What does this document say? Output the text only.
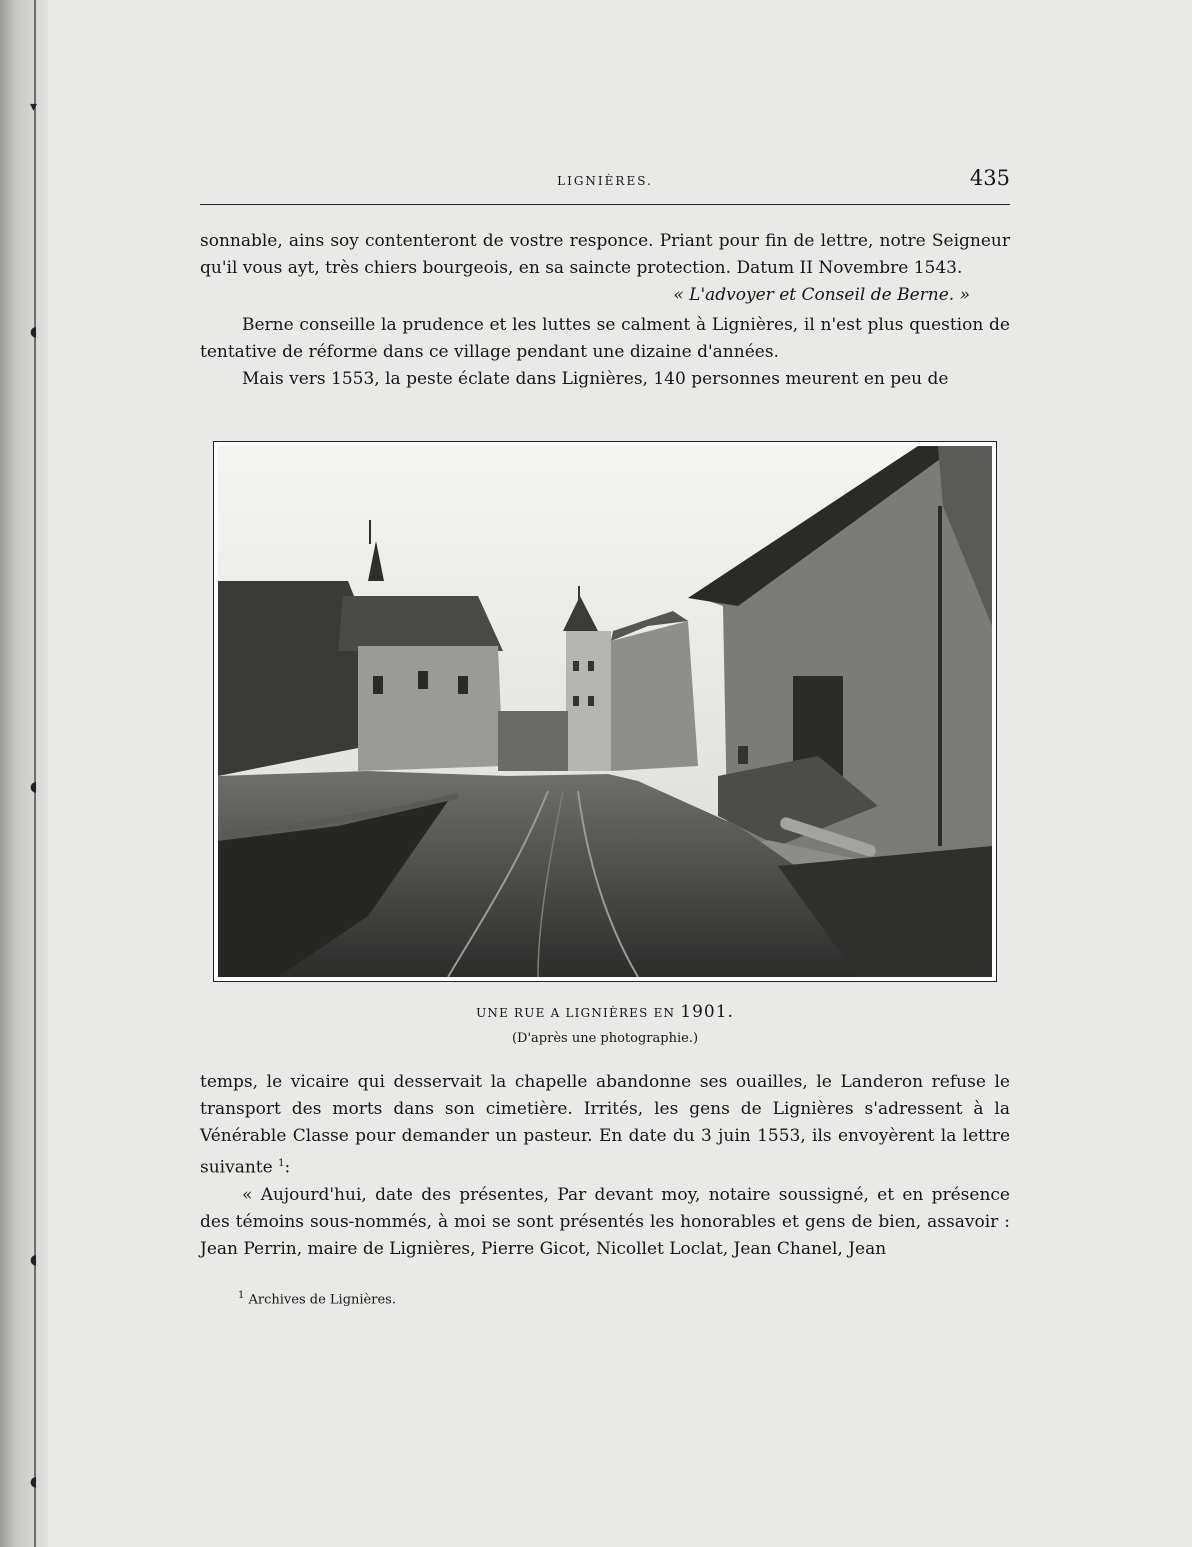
▾
◖
◖
◖
◖
LIGNIÈRES.	435

sonnable, ains soy contenteront de vostre responce. Priant pour fin de lettre, notre Seigneur qu'il vous ayt, très chiers bourgeois, en sa saincte protection. Datum II Novembre 1543.

« L'advoyer et Conseil de Berne. »

Berne conseille la prudence et les luttes se calment à Lignières, il n'est plus question de tentative de réforme dans ce village pendant une dizaine d'années.

Mais vers 1553, la peste éclate dans Lignières, 140 personnes meurent en peu de

UNE RUE A LIGNIÈRES EN 1901.
(D'après une photographie.)

temps, le vicaire qui desservait la chapelle abandonne ses ouailles, le Landeron refuse le transport des morts dans son cimetière. Irrités, les gens de Lignières s'adressent à la Vénérable Classe pour demander un pasteur. En date du 3 juin 1553, ils envoyèrent la lettre suivante $^1$:

« Aujourd'hui, date des présentes, Par devant moy, notaire soussigné, et en présence des témoins sous-nommés, à moi se sont présentés les honorables et gens de bien, assavoir : Jean Perrin, maire de Lignières, Pierre Gicot, Nicollet Loclat, Jean Chanel, Jean

$^1$ Archives de Lignières.
